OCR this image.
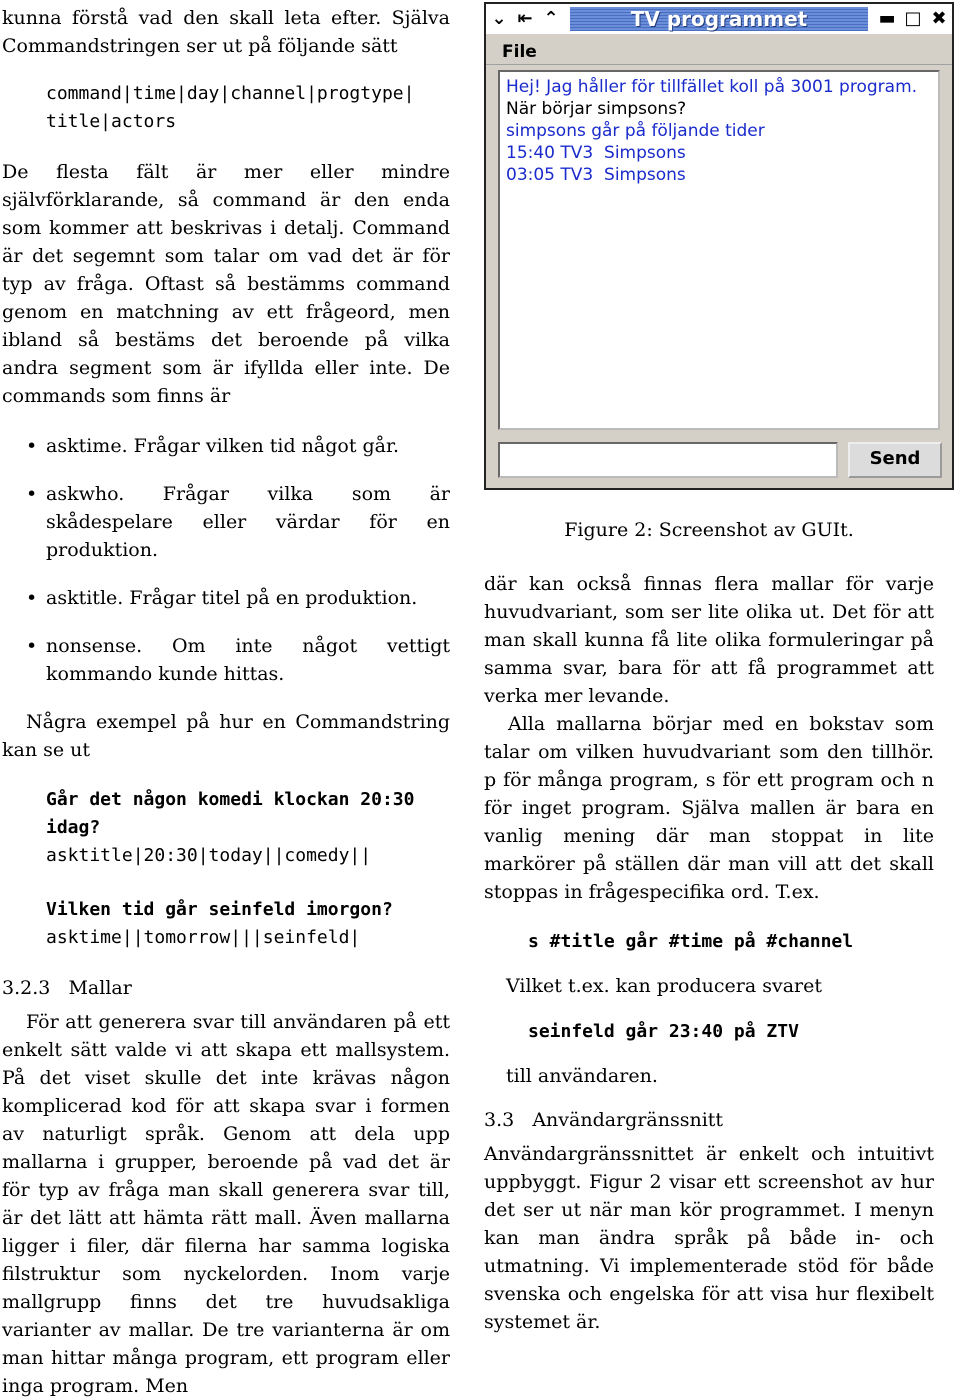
kunna förstå vad den skall leta efter. Själva Commandstringen ser ut på följande sätt

command|time|day|channel|progtype|
title|actors

De flesta fält är mer eller mindre självförklarande, så command är den enda som kommer att beskrivas i detalj. Command är det segemnt som talar om vad det är för typ av fråga. Oftast så bestämms command genom en matchning av ett frågeord, men ibland så bestäms det beroende på vilka andra segment som är ifyllda eller inte. De commands som finns är

• asktime. Frågar vilken tid något går.
• askwho. Frågar vilka som är skådespelare eller värdar för en produktion.
• asktitle. Frågar titel på en produktion.
• nonsense. Om inte något vettigt kommando kunde hittas.

Några exempel på hur en Commandstring kan se ut

Går det någon komedi klockan 20:30
idag?
asktitle|20:30|today||comedy||
Vilken tid går seinfeld imorgon?
asktime||tomorrow|||seinfeld|

3.2.3   Mallar

För att generera svar till användaren på ett enkelt sätt valde vi att skapa ett mallsystem. På det viset skulle det inte krävas någon komplicerad kod för att skapa svar i formen av naturligt språk. Genom att dela upp mallarna i grupper, beroende på vad det är för typ av fråga man skall generera svar till, är det lätt att hämta rätt mall. Även mallarna ligger i filer, där filerna har samma logiska filstruktur som nyckelorden. Inom varje mallgrupp finns det tre huvudsakliga varianter av mallar. De tre varianterna är om man hittar många program, ett program eller inga program. Men

⌄ ⇤ ⌃	TV programmet	▬ □ ✖
File
Hej! Jag håller för tillfället koll på 3001 program.
När börjar simpsons?
simpsons går på följande tider
15:40 TV3  Simpsons
03:05 TV3  Simpsons
Send

Figure 2: Screenshot av GUIt.

där kan också finnas flera mallar för varje huvudvariant, som ser lite olika ut. Det för att man skall kunna få lite olika formuleringar på samma svar, bara för att få programmet att verka mer levande.

Alla mallarna börjar med en bokstav som talar om vilken huvudvariant som den tillhör. p för många program, s för ett program och n för inget program. Själva mallen är bara en vanlig mening där man stoppat in lite markörer på ställen där man vill att det skall stoppas in frågespecifika ord. T.ex.

s #title går #time på #channel

Vilket t.ex. kan producera svaret

seinfeld går 23:40 på ZTV

till användaren.

3.3   Användargränssnitt

Användargränssnittet är enkelt och intuitivt uppbyggt. Figur 2 visar ett screenshot av hur det ser ut när man kör programmet. I menyn kan man ändra språk på både in- och utmatning. Vi implementerade stöd för både svenska och engelska för att visa hur flexibelt systemet är.
